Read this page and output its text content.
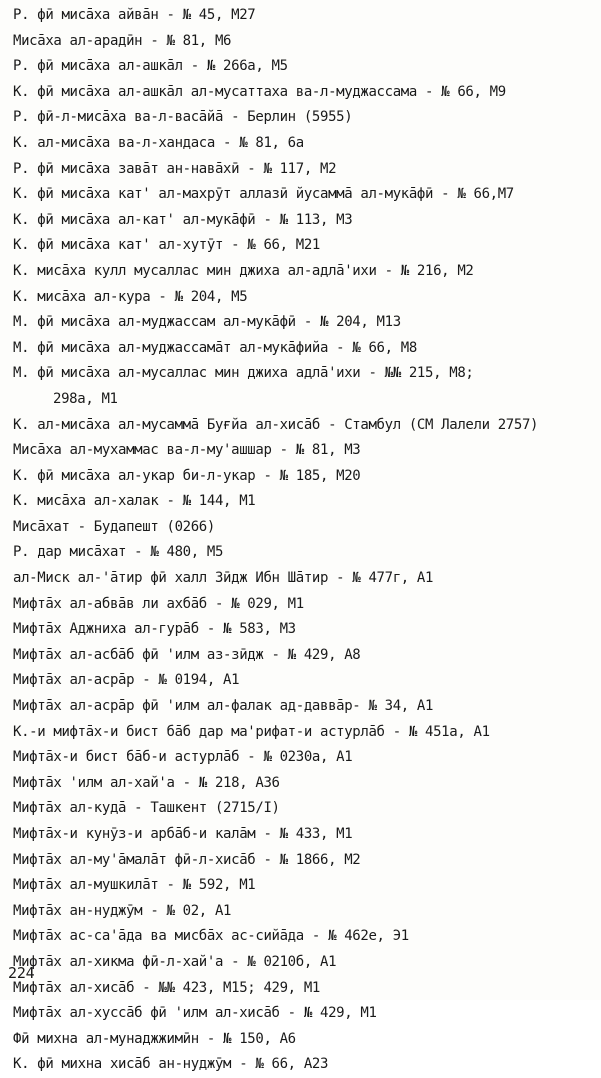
Р. фӣ мисāха айвāн - № 45, М27
Мисāха ал-арадӣн - № 81, М6
Р. фӣ мисāха ал-ашкāл - № 266а, М5
К. фӣ мисāха ал-ашкāл ал-мусаттаха ва-л-муджассама - № 66, М9
Р. фӣ-л-мисāха ва-л-васāйā - Берлин (5955)
К. ал-мисāха ва-л-хандаса - № 81, 6а
Р. фӣ мисāха завāт ан-навāхӣ - № 117, М2
К. фӣ мисāха кат' ал-махрӯт аллазӣ йусаммā ал-мукāфӣ - № 66,М7
К. фӣ мисāха ал-кат' ал-мукāфӣ - № 113, М3
К. фӣ мисāха кат' ал-хутӯт - № 66, М21
К. мисāха кулл мусаллас мин джиха ал-адлā'ихи - № 216, М2
К. мисāха ал-кура - № 204, М5
М. фӣ мисāха ал-муджассам ал-мукāфӣ - № 204, М13
М. фӣ мисāха ал-муджассамāт ал-мукāфийа - № 66, М8
М. фӣ мисāха ал-мусаллас мин джиха адлā'ихи - №№ 215, М8;
298а, М1
К. ал-мисāха ал-мусаммā Буғйа ал-хисāб - Стамбул (СМ Лалели 2757)
Мисāха ал-мухаммас ва-л-му'ашшар - № 81, М3
К. фӣ мисāха ал-укар би-л-укар - № 185, М20
К. мисāха ал-халак - № 144, М1
Мисāхат - Будапешт (0266)
Р. дар мисāхат - № 480, М5
ал-Миск ал-'āтир фӣ халл Зӣдж Ибн Шāтир - № 477г, А1
Мифтāх ал-абвāв ли ахбāб - № 029, М1
Мифтāх Аджниха ал-гурāб - № 583, М3
Мифтāх ал-асбāб фӣ 'илм аз-зӣдж - № 429, А8
Мифтāх ал-асрāр - № 0194, А1
Мифтāх ал-асрāр фӣ 'илм ал-фалак ад-даввāр- № 34, А1
К.-и мифтāх-и бист бāб дар ма'рифат-и астурлāб - № 451а, А1
Мифтāх-и бист бāб-и астурлāб - № 0230а, А1
Мифтāх 'илм ал-хай'а - № 218, А36
Мифтāх ал-кудā - Ташкент (2715/I)
Мифтāх-и кунӯз-и арбāб-и калāм - № 433, М1
Мифтāх ал-му'āмалāт фӣ-л-хисāб - № 1866, М2
Мифтāх ал-мушкилāт - № 592, М1
Мифтāх ан-нуджӯм - № 02, А1
Мифтāх ас-са'āда ва мисбāх ас-сийāда - № 462е, Э1
Мифтāх ал-хикма фӣ-л-хай'а - № 0210б, А1
Мифтāх ал-хисāб - №№ 423, М15; 429, М1
Мифтāх ал-хуссāб фӣ 'илм ал-хисāб - № 429, М1
Фӣ михна ал-мунаджжимӣн - № 150, А6
К. фӣ михна хисāб ан-нуджӯм - № 66, А23
224
